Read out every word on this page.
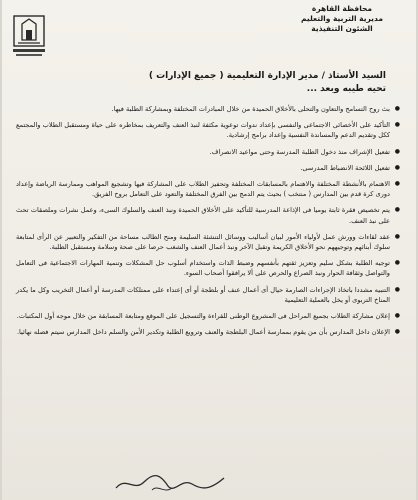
محافظة القاهرة
مديرية التربية والتعليم
الشئون التنفيذية
السيد الأستاذ / مدير الإدارة التعليمية ( جميع الإدارات )
تحيه طيبه وبعد ...
● بث روح التسامح والتعاون والتحلى بالأخلاق الحميدة من خلال المبادرات المختلفة وبمشاركة الطلبة فيها.
● التأكيد على الأخصائى الاجتماعى والنفسى بإعداد ندوات توعوية مكثفة لنبذ العنف والتعريف بمخاطره على حياة ومستقبل الطلاب والمجتمع ككل وتقديم الدعم والمساندة النفسية وإعداد برامج إرشادية.
● تفعيل الإشراف منذ دخول الطلبة المدرسة وحتى مواعيد الانصراف.
● تفعيل اللائحة الانضباط المدرسى.
● الاهتمام بالأنشطة المختلفة والاهتمام بالمسابقات المختلفة وتحفيز الطلاب على المشاركة فيها وتشجيع المواهب وممارسة الرياضة وإعداد دورى كرة قدم بين المدارس ( منتخب ) بحيث يتم الدمج بين الفرق المختلفة والتعود على التعامل بروح الفريق.
● يتم تخصيص فقرة ثابتة يوميا فى الإذاعة المدرسية للتأكيد على الأخلاق الحميدة ونبذ العنف والسلوك السىء، وعمل نشرات وملصقات تحث على نبذ العنف.
● عقد لقاءات وورش عمل لأولياء الأمور لبيان أساليب ووسائل التنشئة السليمة ومنح الطالب مساحة من التفكير والتعبير عن الرأى لمتابعة سلوك أبنائهم وتوجيههم نحو الأخلاق الكريمة وتقبل الآخر ونبذ أعمال العنف والشغب حرصا على صحة وسلامة ومستقبل الطلبة.
● توجيه الطلبة بشكل سليم وتعزيز ثقتهم بأنفسهم وضبط الذات واستخدام أسلوب حل المشكلات وتنمية المهارات الاجتماعية فى التعامل والتواصل وثقافة الحوار ونبذ الصراع والحرص على ألا يرافقوا أصحاب السوء.
● التنبيه مشددا باتخاذ الإجراءات الصارمة حيال أى أعمال عنف أو بلطجة أو أى إعتداء على ممتلكات المدرسة أو أعمال التخريب وكل ما يكدر المناخ التربوى أو يخل بالعملية التعليمية
● إعلان مشاركة الطلاب بجميع المراحل فى المشروع الوطنى للقراءة والتسجيل على الموقع ومتابعة المسابقة من خلال موجه أول المكتبات.
● الإعلان داخل المدارس بأن من يقوم بممارسة أعمال البلطجة والعنف وترويع الطلبة وتكدير الأمن والسلم داخل المدارس سيتم فصله نهائيا.
